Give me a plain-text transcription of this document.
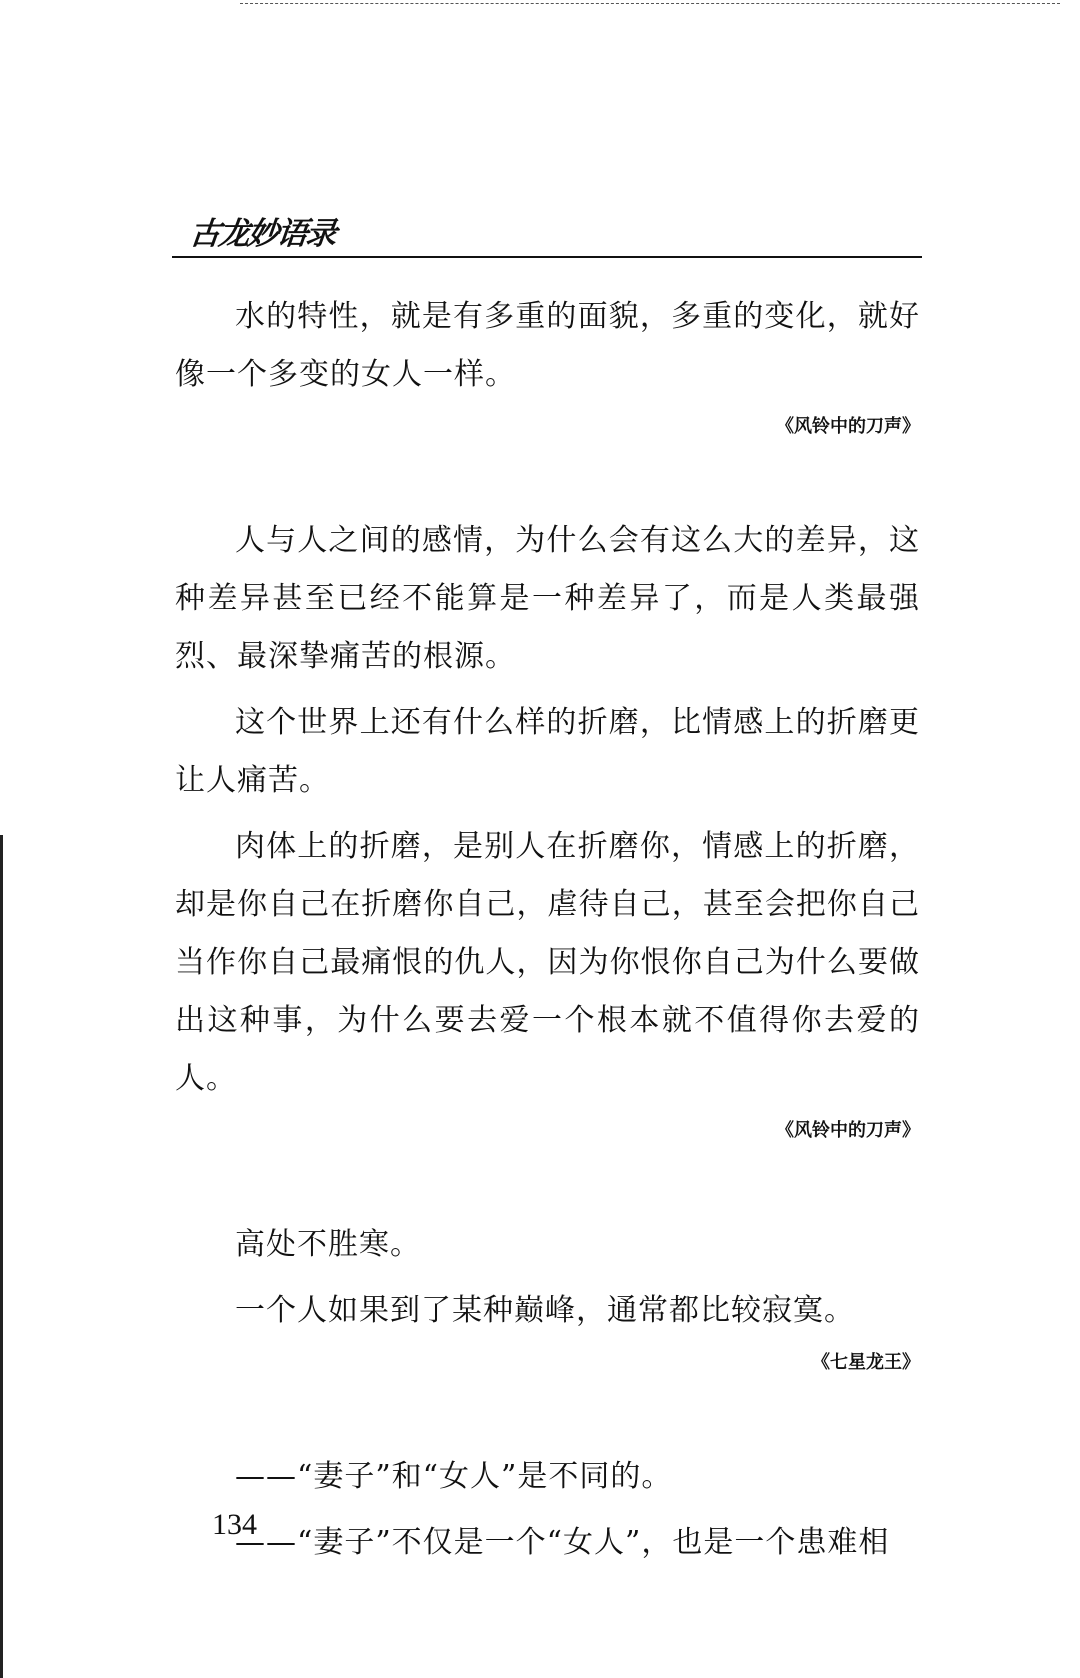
古龙妙语录

水的特性，就是有多重的面貌，多重的变化，就好像一个多变的女人一样。

《风铃中的刀声》

人与人之间的感情，为什么会有这么大的差异，这种差异甚至已经不能算是一种差异了，而是人类最强烈、最深挚痛苦的根源。

这个世界上还有什么样的折磨，比情感上的折磨更让人痛苦。

肉体上的折磨，是别人在折磨你，情感上的折磨，却是你自己在折磨你自己，虐待自己，甚至会把你自己当作你自己最痛恨的仇人，因为你恨你自己为什么要做出这种事，为什么要去爱一个根本就不值得你去爱的人。

《风铃中的刀声》

高处不胜寒。

一个人如果到了某种巅峰，通常都比较寂寞。

《七星龙王》

——“妻子”和“女人”是不同的。

——“妻子”不仅是一个“女人”，也是一个患难相

134
